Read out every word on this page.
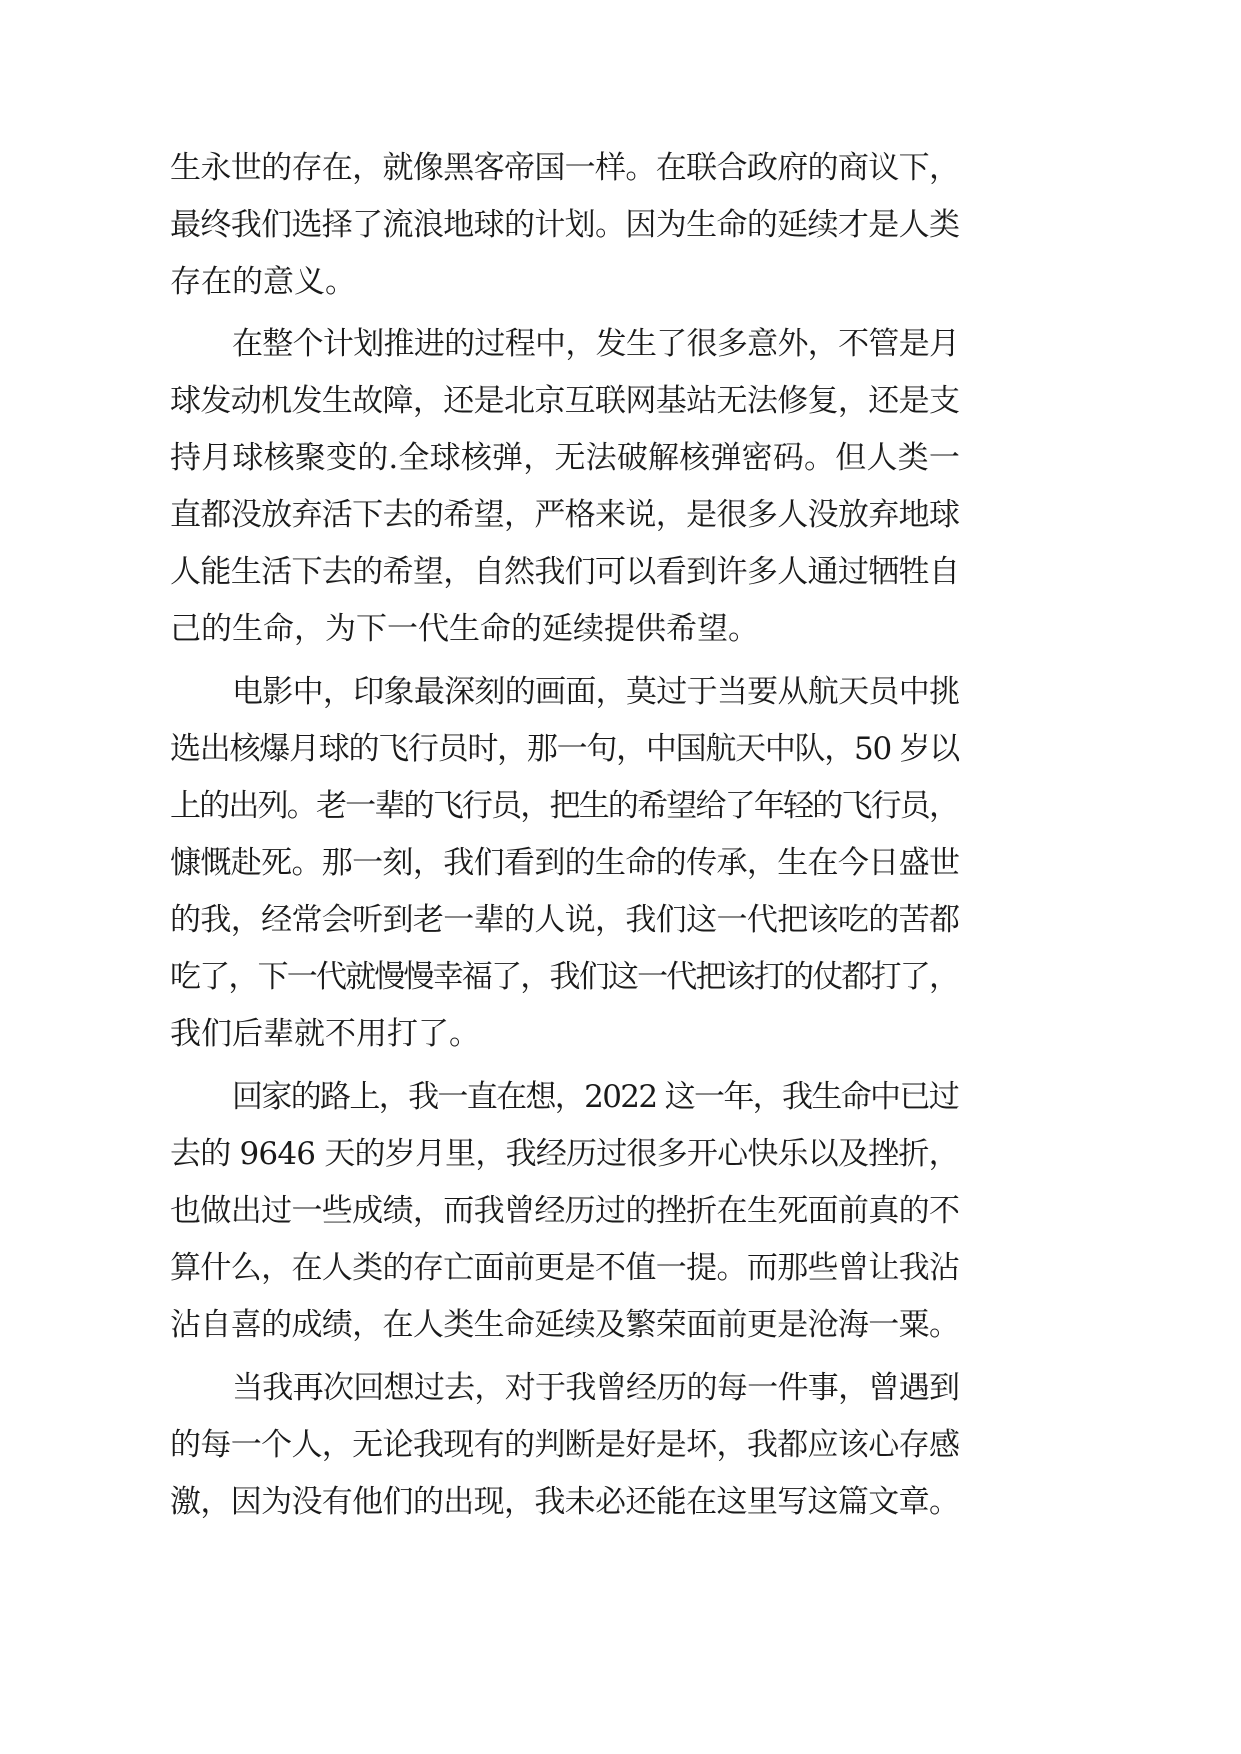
生永世的存在，就像黑客帝国一样。在联合政府的商议下，
最终我们选择了流浪地球的计划。因为生命的延续才是人类
存在的意义。
在整个计划推进的过程中，发生了很多意外，不管是月
球发动机发生故障，还是北京互联网基站无法修复，还是支
持月球核聚变的.全球核弹，无法破解核弹密码。但人类一
直都没放弃活下去的希望，严格来说，是很多人没放弃地球
人能生活下去的希望，自然我们可以看到许多人通过牺牲自
己的生命，为下一代生命的延续提供希望。
电影中，印象最深刻的画面，莫过于当要从航天员中挑
选出核爆月球的飞行员时，那一句，中国航天中队，50 岁以
上的出列。老一辈的飞行员，把生的希望给了年轻的飞行员，
慷慨赴死。那一刻，我们看到的生命的传承，生在今日盛世
的我，经常会听到老一辈的人说，我们这一代把该吃的苦都
吃了，下一代就慢慢幸福了，我们这一代把该打的仗都打了，
我们后辈就不用打了。
回家的路上，我一直在想，2022 这一年，我生命中已过
去的 9646 天的岁月里，我经历过很多开心快乐以及挫折，
也做出过一些成绩，而我曾经历过的挫折在生死面前真的不
算什么，在人类的存亡面前更是不值一提。而那些曾让我沾
沾自喜的成绩，在人类生命延续及繁荣面前更是沧海一粟。
当我再次回想过去，对于我曾经历的每一件事，曾遇到
的每一个人，无论我现有的判断是好是坏，我都应该心存感
激，因为没有他们的出现，我未必还能在这里写这篇文章。
